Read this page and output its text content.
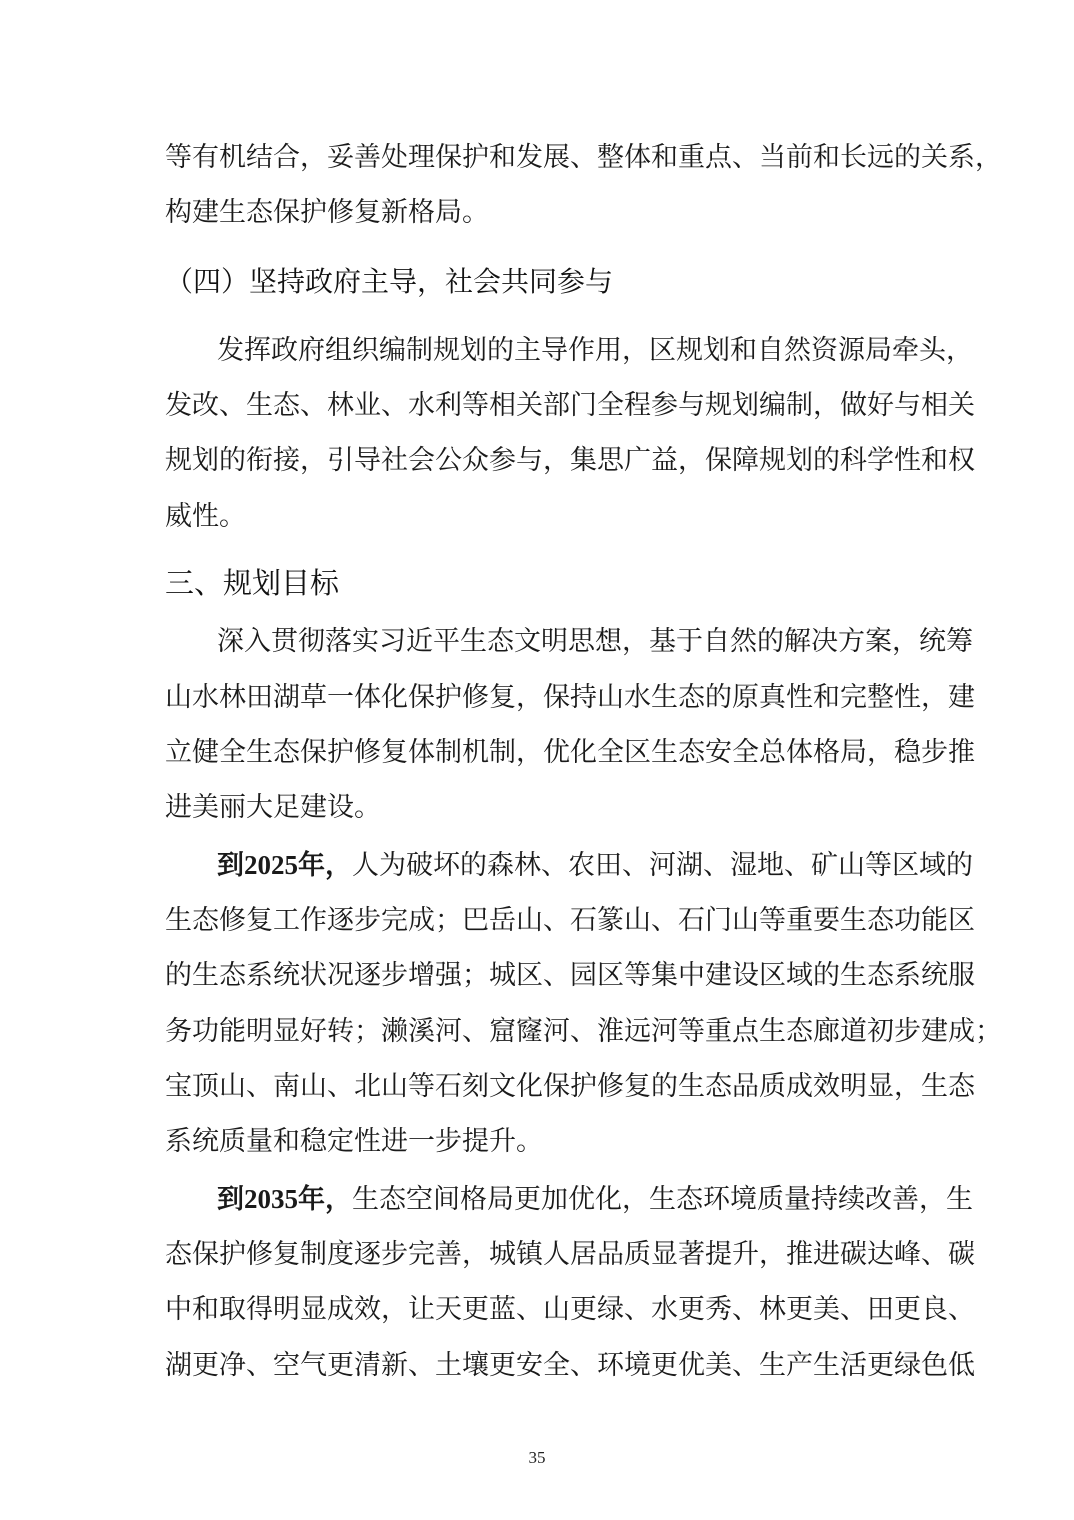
等有机结合，妥善处理保护和发展、整体和重点、当前和长远的关系，
构建生态保护修复新格局。
（四）坚持政府主导，社会共同参与
发挥政府组织编制规划的主导作用，区规划和自然资源局牵头，
发改、生态、林业、水利等相关部门全程参与规划编制，做好与相关
规划的衔接，引导社会公众参与，集思广益，保障规划的科学性和权
威性。
三、规划目标
深入贯彻落实习近平生态文明思想，基于自然的解决方案，统筹
山水林田湖草一体化保护修复，保持山水生态的原真性和完整性，建
立健全生态保护修复体制机制，优化全区生态安全总体格局，稳步推
进美丽大足建设。
到2025年，人为破坏的森林、农田、河湖、湿地、矿山等区域的
生态修复工作逐步完成；巴岳山、石篆山、石门山等重要生态功能区
的生态系统状况逐步增强；城区、园区等集中建设区域的生态系统服
务功能明显好转；濑溪河、窟窿河、淮远河等重点生态廊道初步建成；
宝顶山、南山、北山等石刻文化保护修复的生态品质成效明显，生态
系统质量和稳定性进一步提升。
到2035年，生态空间格局更加优化，生态环境质量持续改善，生
态保护修复制度逐步完善，城镇人居品质显著提升，推进碳达峰、碳
中和取得明显成效，让天更蓝、山更绿、水更秀、林更美、田更良、
湖更净、空气更清新、土壤更安全、环境更优美、生产生活更绿色低
35
